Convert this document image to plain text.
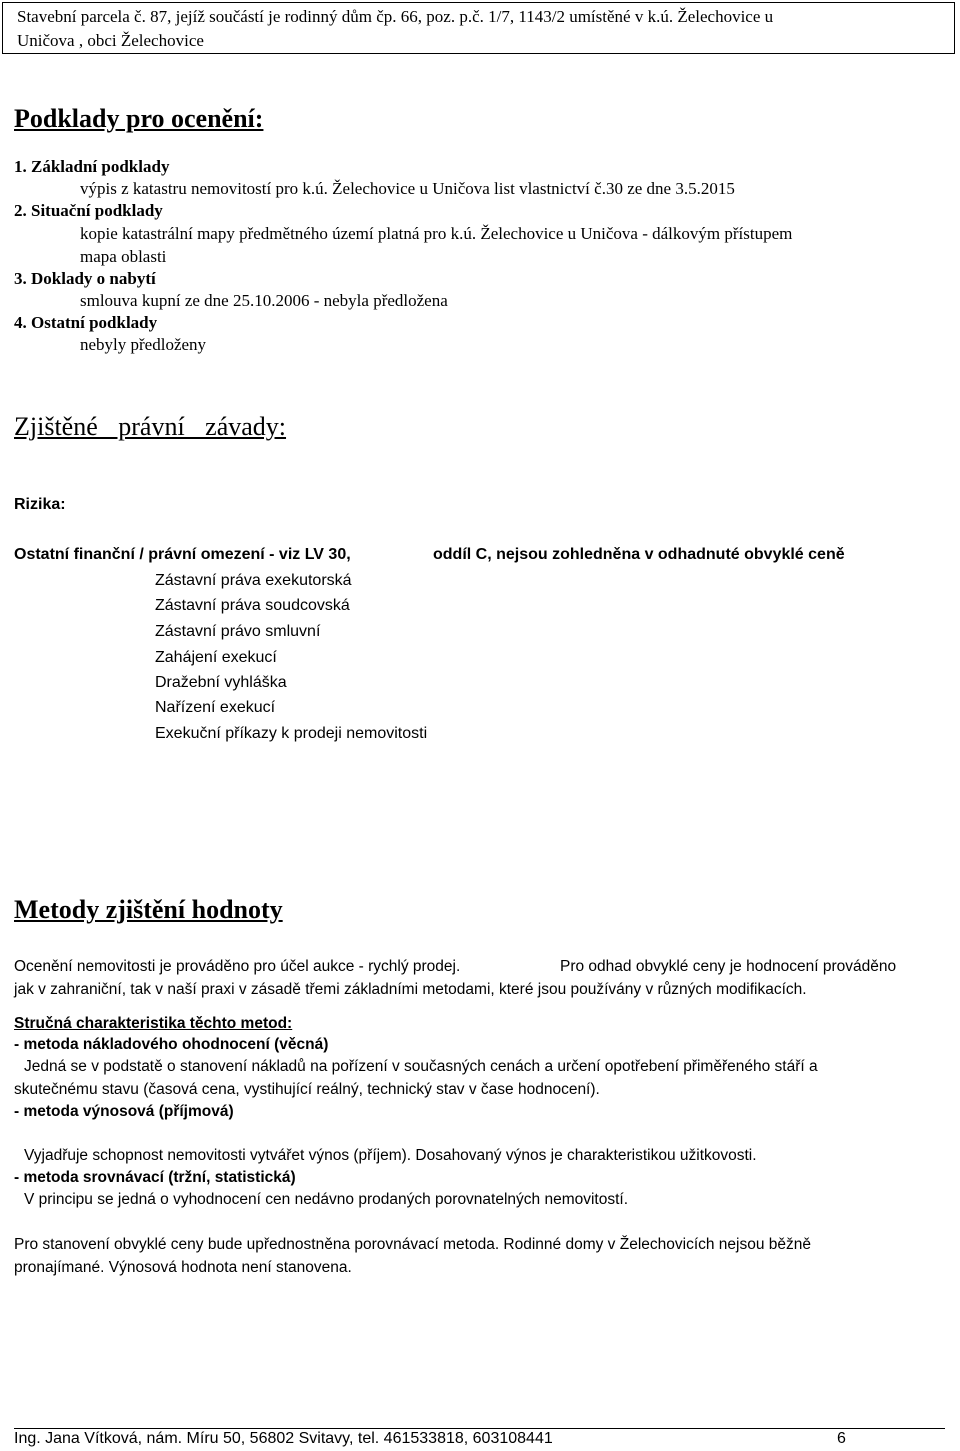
Stavební parcela č. 87, jejíž součástí je rodinný dům čp. 66, poz. p.č. 1/7, 1143/2 umístěné v k.ú. Želechovice u
Uničova , obci Želechovice
Podklady pro ocenění:
1. Základní podklady
výpis z katastru nemovitostí pro k.ú. Želechovice u Uničova list vlastnictví č.30 ze dne 3.5.2015
2. Situační podklady
kopie katastrální mapy předmětného území platná pro k.ú. Želechovice u Uničova - dálkovým přístupem
mapa oblasti
3. Doklady o nabytí
smlouva kupní ze dne 25.10.2006 - nebyla předložena
4. Ostatní podklady
nebyly předloženy
Zjištěné právní závady:
Rizika:
Ostatní finanční / právní omezení - viz LV 30,	oddíl C, nejsou zohledněna v odhadnuté obvyklé ceně
Zástavní práva exekutorská
Zástavní práva soudcovská
Zástavní právo smluvní
Zahájení exekucí
Dražební vyhláška
Nařízení exekucí
Exekuční příkazy k prodeji nemovitosti
Metody zjištění hodnoty
Ocenění nemovitosti je prováděno pro účel aukce - rychlý prodej.	Pro odhad obvyklé ceny je hodnocení prováděno
jak v zahraniční, tak v naší praxi v zásadě třemi základními metodami, které jsou používány v různých modifikacích.
Stručná charakteristika těchto metod:
- metoda nákladového ohodnocení (věcná)
Jedná se v podstatě o stanovení nákladů na pořízení v současných cenách a určení opotřebení přiměřeného stáří a
skutečnému stavu (časová cena, vystihující reálný, technický stav v čase hodnocení).
- metoda výnosová (příjmová)
Vyjadřuje schopnost nemovitosti vytvářet výnos (příjem). Dosahovaný výnos je charakteristikou užitkovosti.
- metoda srovnávací (tržní, statistická)
V principu se jedná o vyhodnocení cen nedávno prodaných porovnatelných nemovitostí.
Pro stanovení obvyklé ceny bude upřednostněna porovnávací metoda. Rodinné domy v Želechovicích nejsou běžně
pronajímané. Výnosová hodnota není stanovena.
Ing. Jana Vítková, nám. Míru 50, 56802 Svitavy, tel. 461533818, 603108441	6
